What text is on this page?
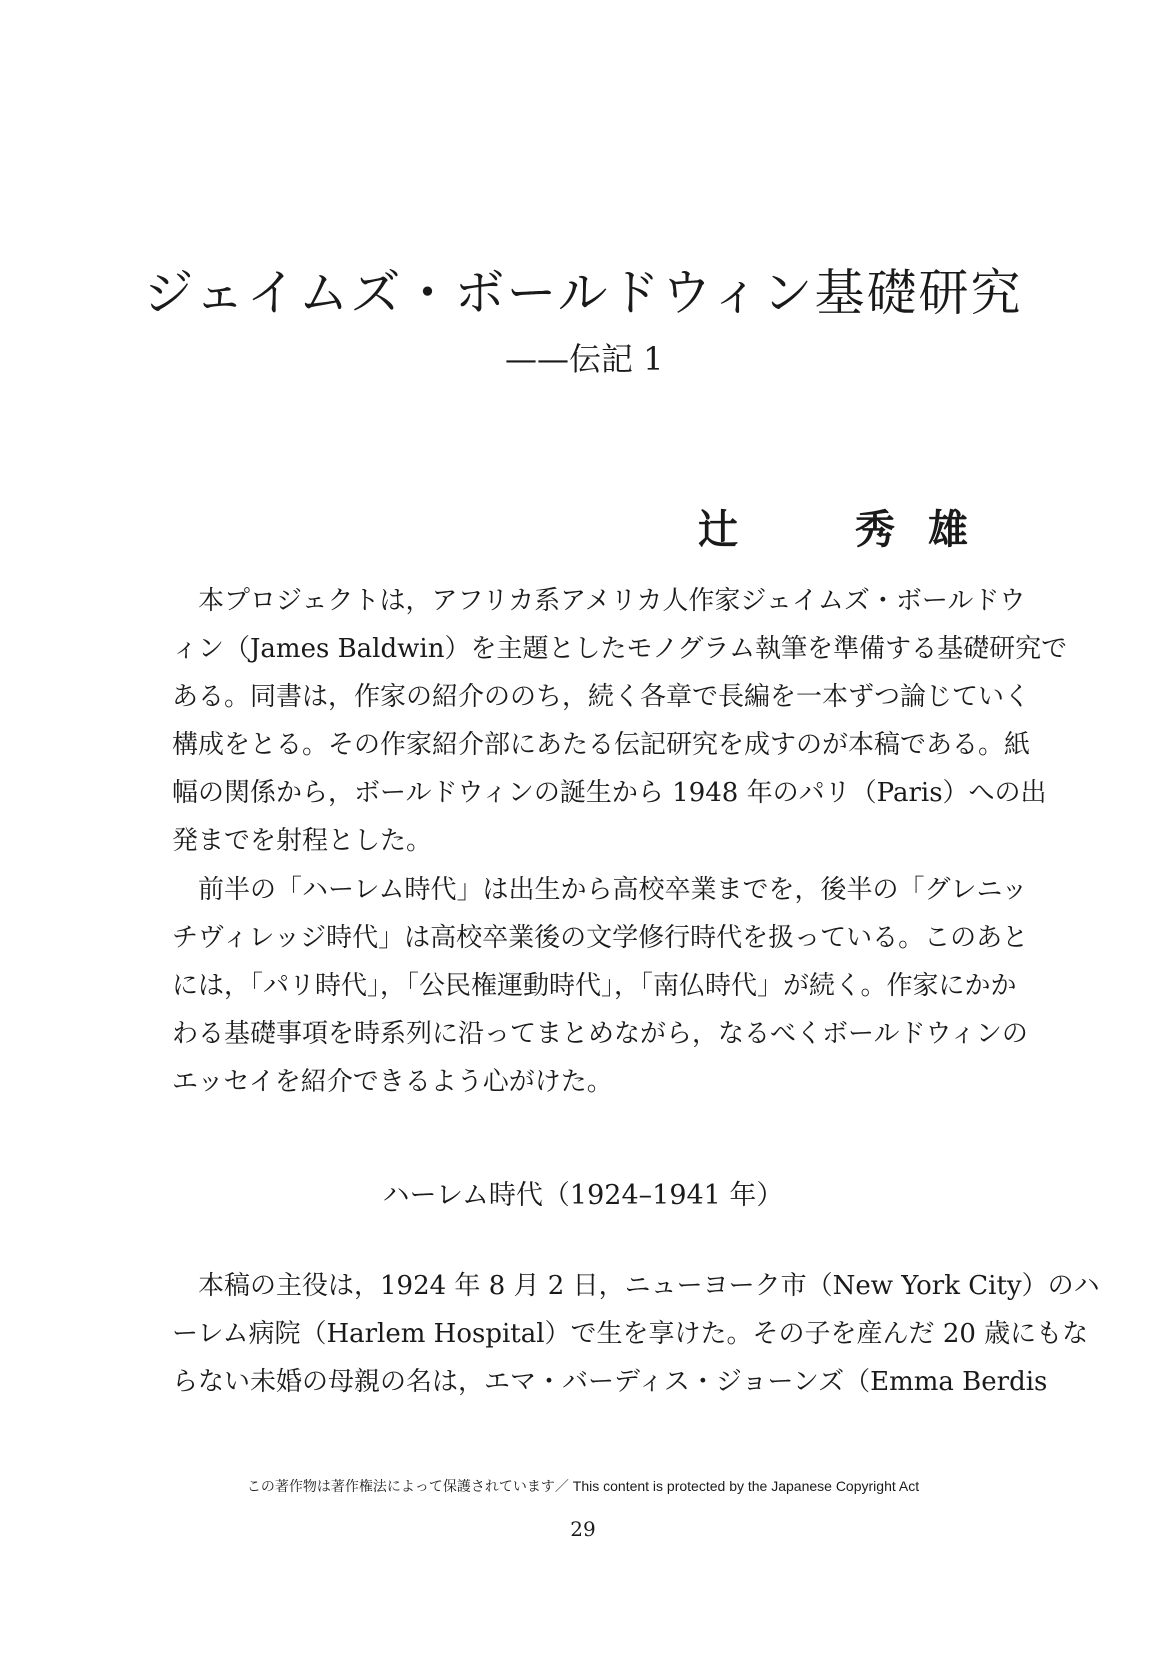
ジェイムズ・ボールドウィン基礎研究
——伝記 1
辻	秀 雄
本プロジェクトは，アフリカ系アメリカ人作家ジェイムズ・ボールドウ
ィン（James Baldwin）を主題としたモノグラム執筆を準備する基礎研究で
ある。同書は，作家の紹介ののち，続く各章で長編を一本ずつ論じていく
構成をとる。その作家紹介部にあたる伝記研究を成すのが本稿である。紙
幅の関係から，ボールドウィンの誕生から 1948 年のパリ（Paris）への出
発までを射程とした。
前半の「ハーレム時代」は出生から高校卒業までを，後半の「グレニッ
チヴィレッジ時代」は高校卒業後の文学修行時代を扱っている。このあと
には，「パリ時代」，「公民権運動時代」，「南仏時代」が続く。作家にかか
わる基礎事項を時系列に沿ってまとめながら，なるべくボールドウィンの
エッセイを紹介できるよう心がけた。
ハーレム時代（1924–1941 年）
本稿の主役は，1924 年 8 月 2 日，ニューヨーク市（New York City）のハ
ーレム病院（Harlem Hospital）で生を享けた。その子を産んだ 20 歳にもな
らない未婚の母親の名は，エマ・バーディス・ジョーンズ（Emma Berdis
この著作物は著作権法によって保護されています／ This content is protected by the Japanese Copyright Act
29
